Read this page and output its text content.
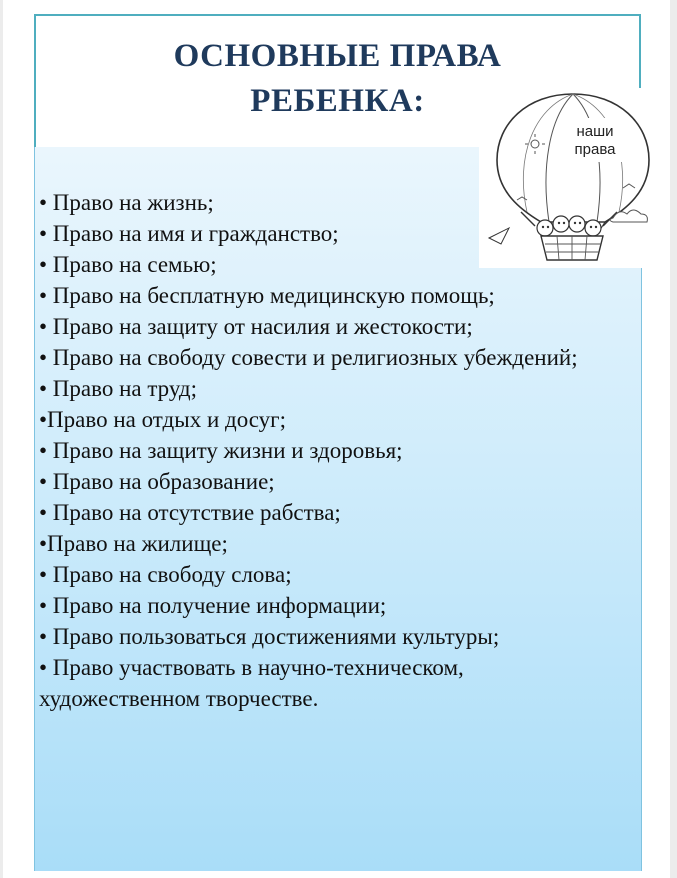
ОСНОВНЫЕ ПРАВА
РЕБЕНКА:
• Право на жизнь;
• Право на имя и гражданство;
• Право на семью;
• Право на бесплатную медицинскую помощь;
• Право на защиту от насилия и жестокости;
• Право на свободу совести и религиозных убеждений;
• Право на труд;
•Право на отдых и досуг;
• Право на защиту жизни и здоровья;
• Право на образование;
• Право на отсутствие рабства;
•Право на жилище;
• Право на свободу слова;
• Право на получение информации;
• Право пользоваться достижениями культуры;
• Право участвовать в научно-техническом, художественном творчестве.
наши
права
